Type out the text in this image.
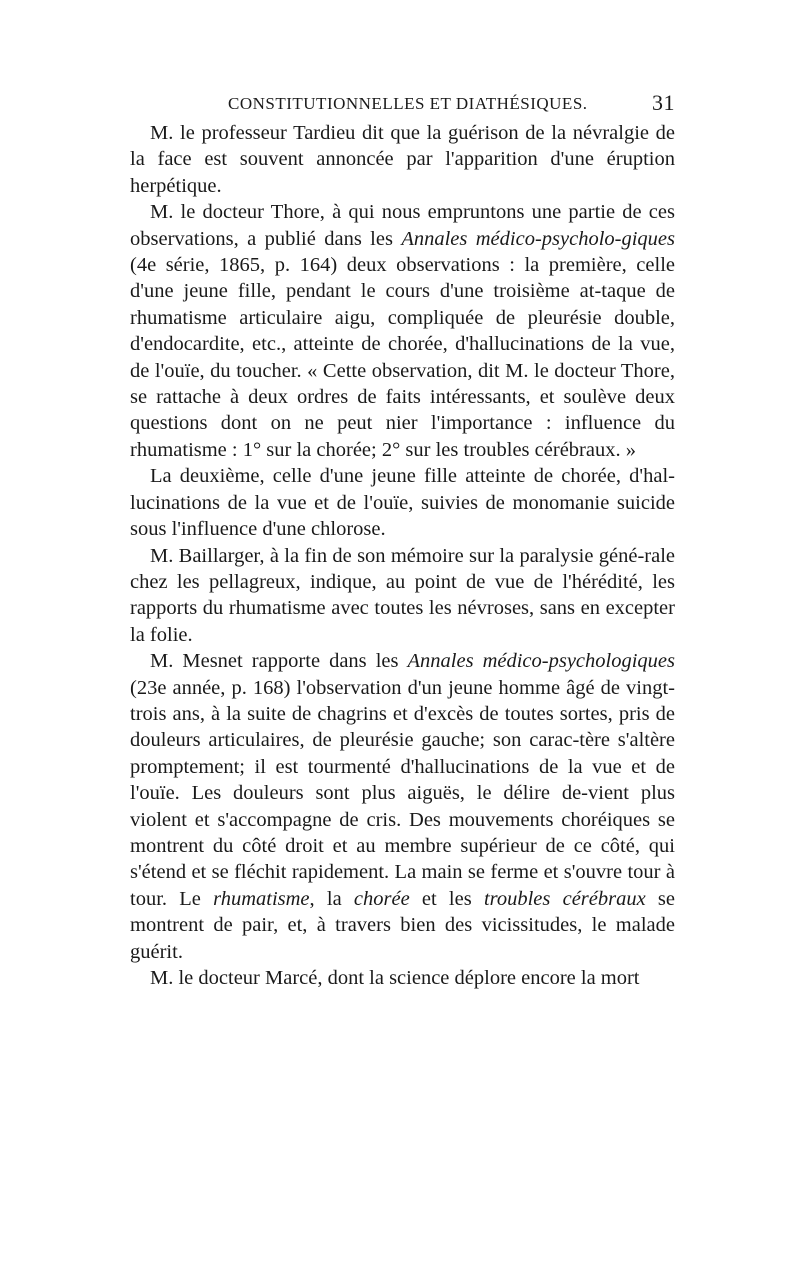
CONSTITUTIONNELLES ET DIATHÉSIQUES.	31

M. le professeur Tardieu dit que la guérison de la névralgie de la face est souvent annoncée par l'apparition d'une éruption herpétique.

M. le docteur Thore, à qui nous empruntons une partie de ces observations, a publié dans les Annales médico-psycholo-giques (4e série, 1865, p. 164) deux observations : la première, celle d'une jeune fille, pendant le cours d'une troisième at-taque de rhumatisme articulaire aigu, compliquée de pleurésie double, d'endocardite, etc., atteinte de chorée, d'hallucinations de la vue, de l'ouïe, du toucher. « Cette observation, dit M. le docteur Thore, se rattache à deux ordres de faits intéressants, et soulève deux questions dont on ne peut nier l'importance : influence du rhumatisme : 1° sur la chorée; 2° sur les troubles cérébraux. »

La deuxième, celle d'une jeune fille atteinte de chorée, d'hal-lucinations de la vue et de l'ouïe, suivies de monomanie suicide sous l'influence d'une chlorose.

M. Baillarger, à la fin de son mémoire sur la paralysie géné-rale chez les pellagreux, indique, au point de vue de l'hérédité, les rapports du rhumatisme avec toutes les névroses, sans en excepter la folie.

M. Mesnet rapporte dans les Annales médico-psychologiques (23e année, p. 168) l'observation d'un jeune homme âgé de vingt-trois ans, à la suite de chagrins et d'excès de toutes sortes, pris de douleurs articulaires, de pleurésie gauche; son carac-tère s'altère promptement; il est tourmenté d'hallucinations de la vue et de l'ouïe. Les douleurs sont plus aiguës, le délire de-vient plus violent et s'accompagne de cris. Des mouvements choréiques se montrent du côté droit et au membre supérieur de ce côté, qui s'étend et se fléchit rapidement. La main se ferme et s'ouvre tour à tour. Le rhumatisme, la chorée et les troubles cérébraux se montrent de pair, et, à travers bien des vicissitudes, le malade guérit.

M. le docteur Marcé, dont la science déplore encore la mort
